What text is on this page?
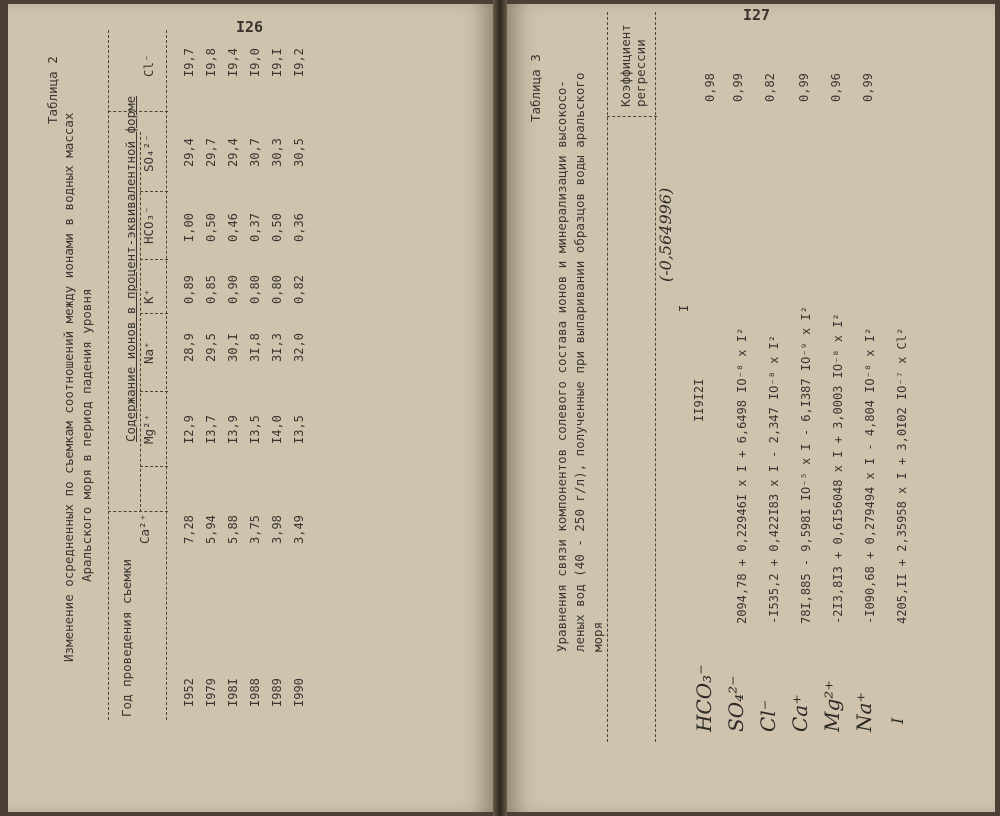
I26
Таблица 2
Изменение осредненных по съемкам соотношений между ионами в водных массах Аральского моря в период падения уровня Содержание ионов в процент-эквивалентной форме
Год проведения съемки
Ca²⁺
Mg²⁺
Na⁺
K⁺
HCO₃⁻
SO₄²⁻
Cl⁻
I952
7,28
I2,9
28,9
0,89
I,00
29,4
I9,7
I979
5,94
I3,7
29,5
0,85
0,50
29,7
I9,8
I98I
5,88
I3,9
30,I
0,90
0,46
29,4
I9,4
I988
3,75
I3,5
3I,8
0,80
0,37
30,7
I9,0
I989
3,98
I4,0
3I,3
0,80
0,50
30,3
I9,I
I990
3,49
I3,5
32,0
0,82
0,36
30,5
I9,2
I27
Таблица 3 Уравнения связи компонентов солевого состава ионов и минерализации высокосо- леных вод (40 - 250 г/л), полученные при выпаривании образцов воды аральского моря
Коэффициент регрессии
(-0,564996)
I
II9I2I
HCO₃⁻
0,98
SO₄²⁻
2094,78 + 0,22946I x I + 6,6498 IO⁻⁸ x I²
0,99
Cl⁻
-I535,2 + 0,422I83 x I - 2,347 IO⁻⁸ x I²
0,82
Ca⁺
78I,885 - 9,598I IO⁻⁵ x I - 6,I387 IO⁻⁹ x I²
0,99
Mg²⁺
-2I3,8I3 + 0,6I56048 x I + 3,0003 IO⁻⁸ x I²
0,96
Na⁺
-I090,68 + 0,279494 x I - 4,804 IO⁻⁸ x I²
0,99
I
4205,II + 2,35958 x I + 3,0I02 IO⁻⁷ x Cl²
